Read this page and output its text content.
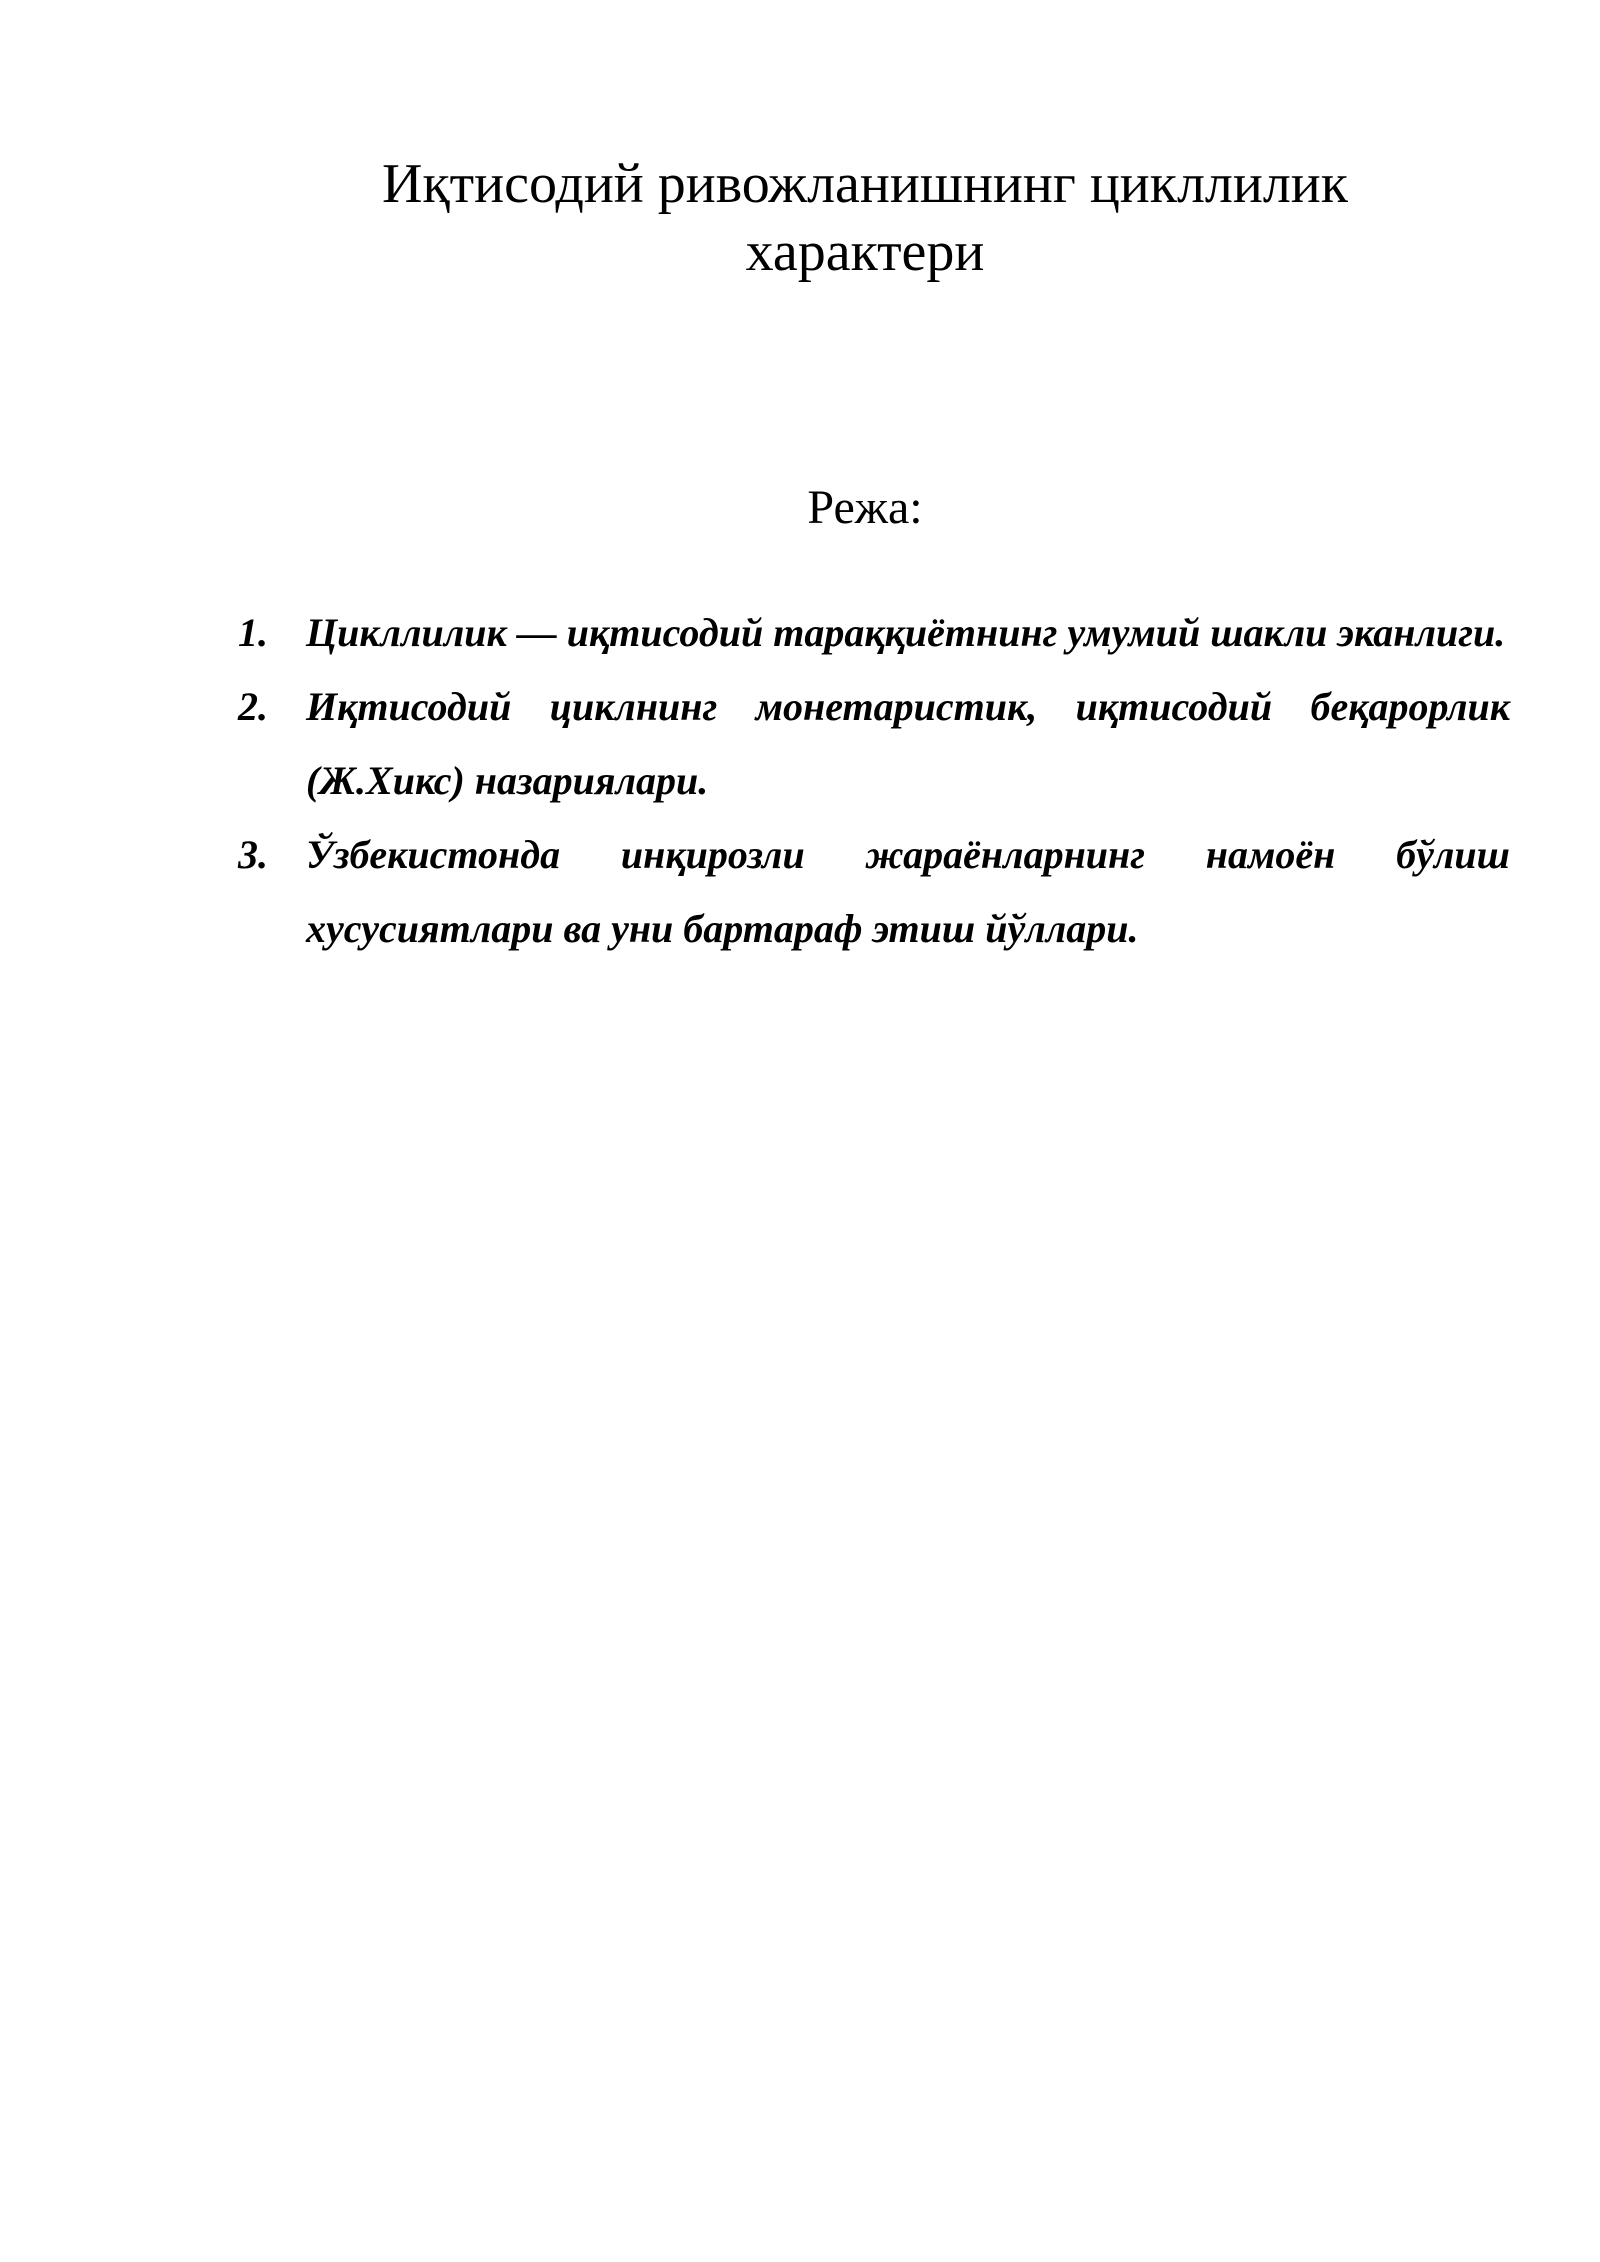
Иқтисодий ривожланишнинг цикллилик
характери

Режа:

1. Цикллилик — иқтисодий тараққиётнинг умумий шакли эканлиги.
2. Иқтисодий циклнинг монетаристик, иқтисодий беқарорлик (Ж.Хикс) назариялари.
3. Ўзбекистонда инқирозли жараёнларнинг намоён бўлиш хусусиятлари ва уни бартараф этиш йўллари.
